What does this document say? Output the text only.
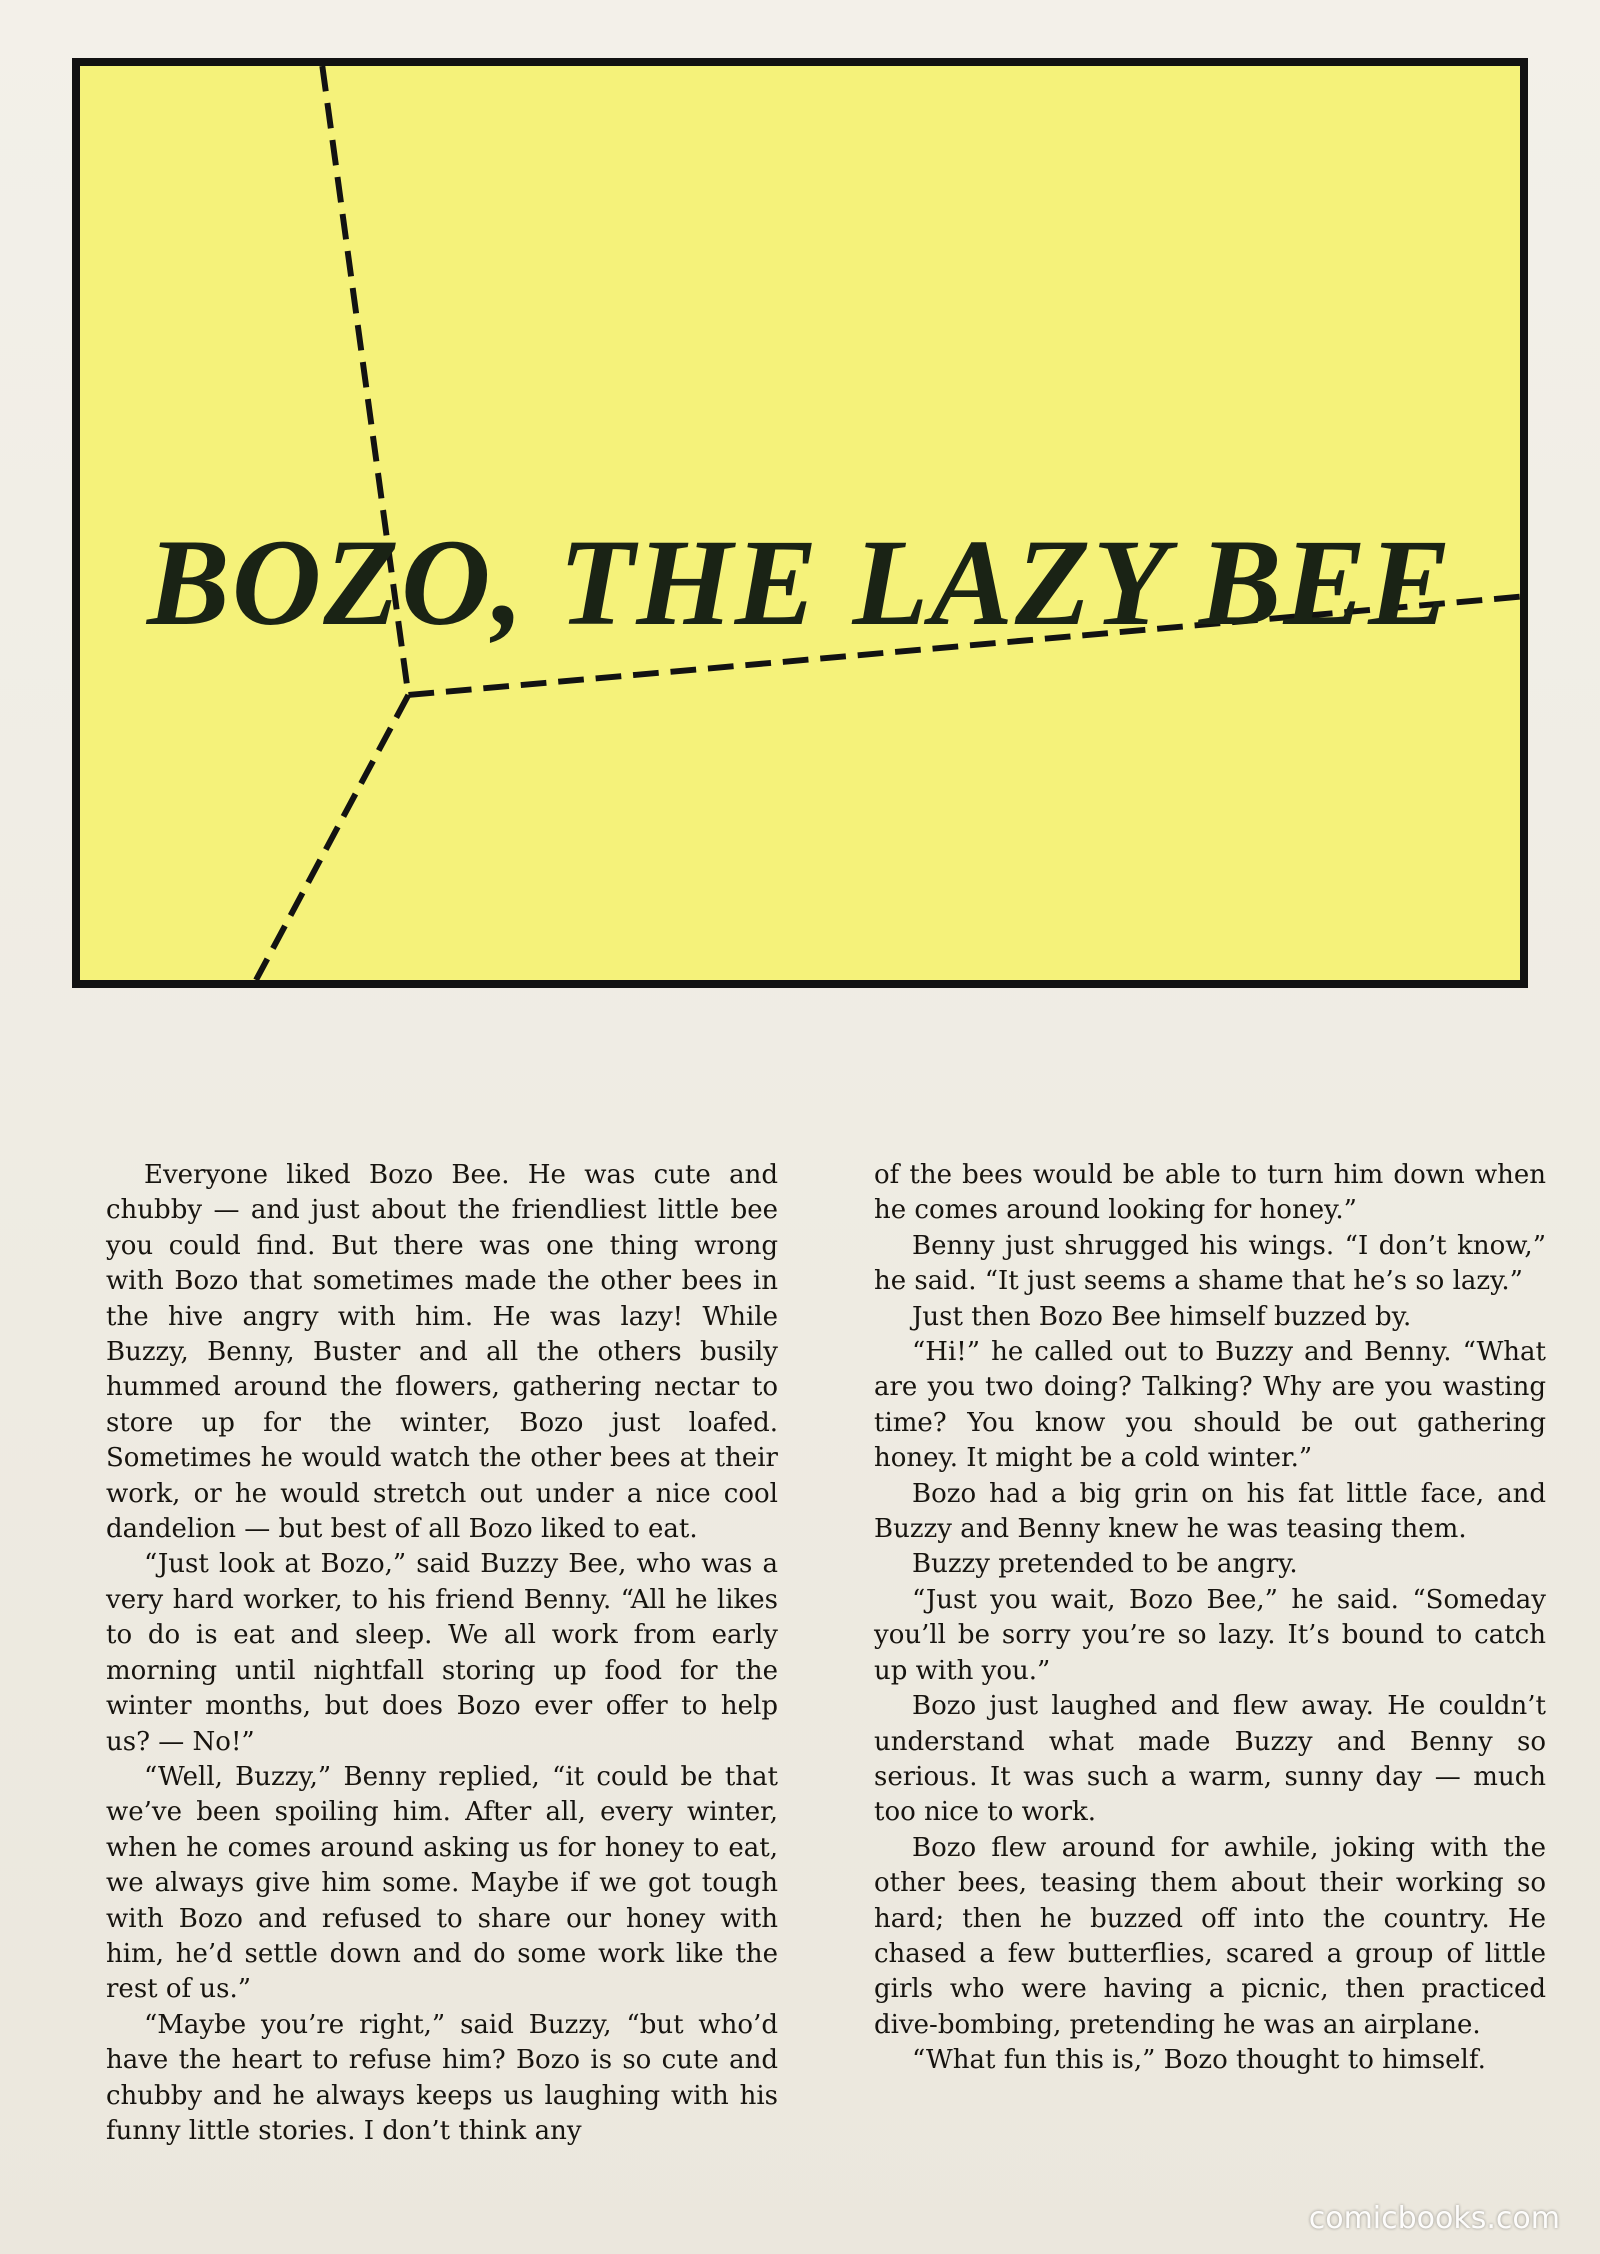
BOZO, THE LAZY BEE

Everyone liked Bozo Bee. He was cute and chubby — and just about the friendliest little bee you could find. But there was one thing wrong with Bozo that sometimes made the other bees in the hive angry with him. He was lazy! While Buzzy, Benny, Buster and all the others busily hummed around the flowers, gathering nectar to store up for the winter, Bozo just loafed. Sometimes he would watch the other bees at their work, or he would stretch out under a nice cool dandelion — but best of all Bozo liked to eat.

“Just look at Bozo,” said Buzzy Bee, who was a very hard worker, to his friend Benny. “All he likes to do is eat and sleep. We all work from early morning until nightfall storing up food for the winter months, but does Bozo ever offer to help us? — No!”

“Well, Buzzy,” Benny replied, “it could be that we’ve been spoiling him. After all, every winter, when he comes around asking us for honey to eat, we always give him some. Maybe if we got tough with Bozo and refused to share our honey with him, he’d settle down and do some work like the rest of us.”

“Maybe you’re right,” said Buzzy, “but who’d have the heart to refuse him? Bozo is so cute and chubby and he always keeps us laughing with his funny little stories. I don’t think any

of the bees would be able to turn him down when he comes around looking for honey.”

Benny just shrugged his wings. “I don’t know,” he said. “It just seems a shame that he’s so lazy.”

Just then Bozo Bee himself buzzed by.

“Hi!” he called out to Buzzy and Benny. “What are you two doing? Talking? Why are you wasting time? You know you should be out gathering honey. It might be a cold winter.”

Bozo had a big grin on his fat little face, and Buzzy and Benny knew he was teasing them.

Buzzy pretended to be angry.

“Just you wait, Bozo Bee,” he said. “Someday you’ll be sorry you’re so lazy. It’s bound to catch up with you.”

Bozo just laughed and flew away. He couldn’t understand what made Buzzy and Benny so serious. It was such a warm, sunny day — much too nice to work.

Bozo flew around for awhile, joking with the other bees, teasing them about their working so hard; then he buzzed off into the country. He chased a few butterflies, scared a group of little girls who were having a picnic, then practiced dive-bombing, pretending he was an airplane.

“What fun this is,” Bozo thought to himself.

comicbooks.com
